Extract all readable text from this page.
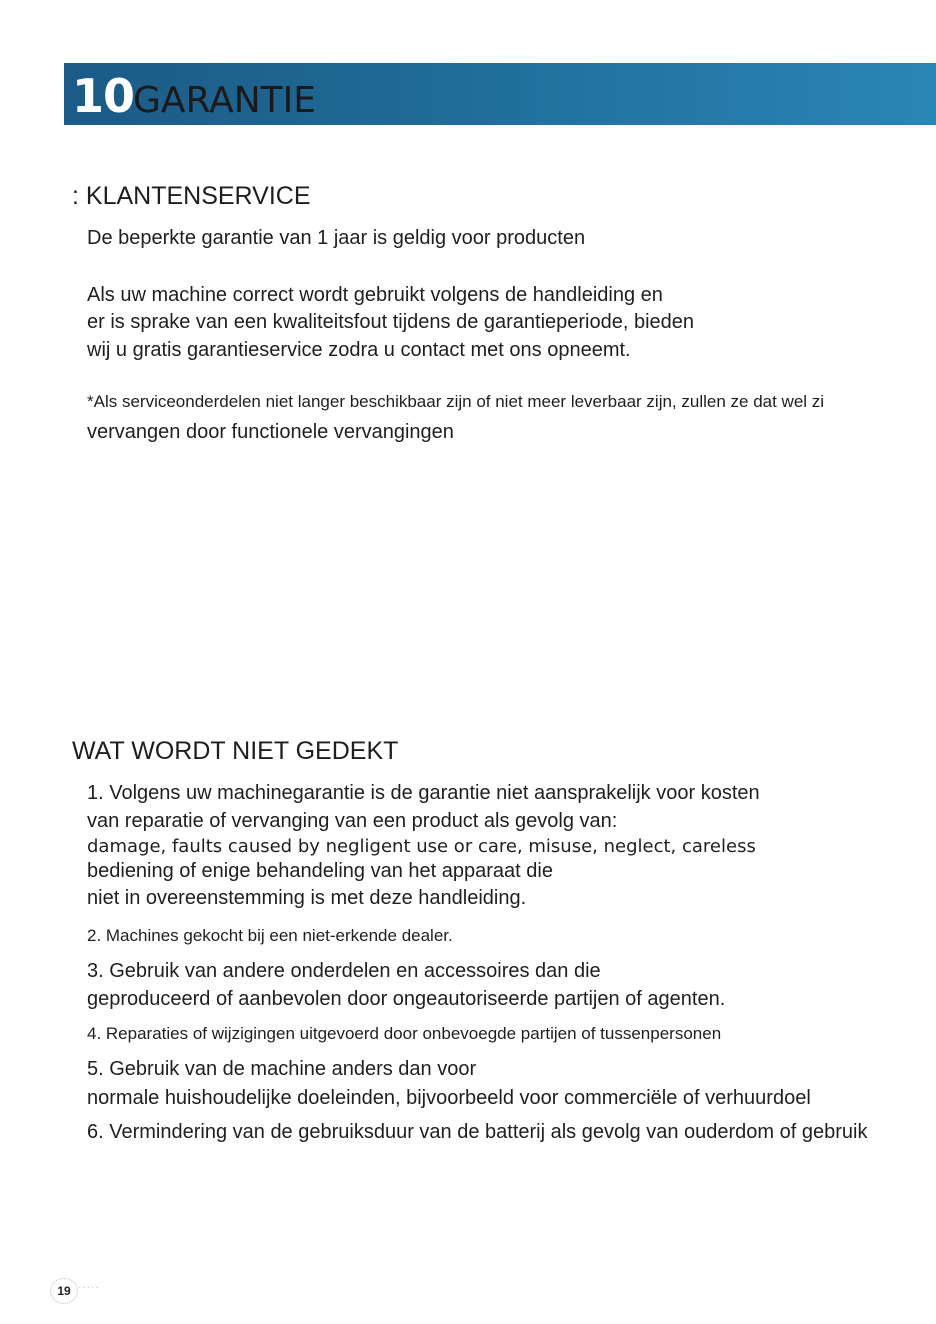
10
GARANTIE
: KLANTENSERVICE
De beperkte garantie van 1 jaar is geldig voor producten
Als uw machine correct wordt gebruikt volgens de handleiding en
er is sprake van een kwaliteitsfout tijdens de garantieperiode, bieden
wij u gratis garantieservice zodra u contact met ons opneemt.
*Als serviceonderdelen niet langer beschikbaar zijn of niet meer leverbaar zijn, zullen ze dat wel zi
vervangen door functionele vervangingen
WAT WORDT NIET GEDEKT
1. Volgens uw machinegarantie is de garantie niet aansprakelijk voor kosten
van reparatie of vervanging van een product als gevolg van:
damage, faults caused by negligent use or care, misuse, neglect, careless
bediening of enige behandeling van het apparaat die
niet in overeenstemming is met deze handleiding.
2. Machines gekocht bij een niet-erkende dealer.
3. Gebruik van andere onderdelen en accessoires dan die
geproduceerd of aanbevolen door ongeautoriseerde partijen of agenten.
4. Reparaties of wijzigingen uitgevoerd door onbevoegde partijen of tussenpersonen
5. Gebruik van de machine anders dan voor
normale huishoudelijke doeleinden, bijvoorbeeld voor commerciële of verhuurdoel
6. Vermindering van de gebruiksduur van de batterij als gevolg van ouderdom of gebruik
19 ·····
